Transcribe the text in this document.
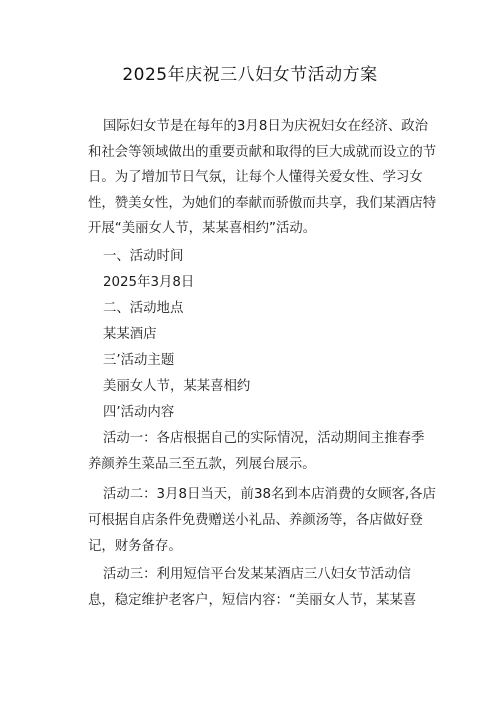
2025年庆祝三八妇女节活动方案
国际妇女节是在每年的3月8日为庆祝妇女在经济、政治
和社会等领域做出的重要贡献和取得的巨大成就而设立的节
日。为了增加节日气氛，让每个人懂得关爱女性、学习女
性，赞美女性，为她们的奉献而骄傲而共享，我们某酒店特
开展“美丽女人节，某某喜相约”活动。
一、活动时间
2025年3月8日
二、活动地点
某某酒店
三’活动主题
美丽女人节，某某喜相约
四’活动内容
活动一：各店根据自己的实际情况，活动期间主推春季
养颜养生菜品三至五款，列展台展示。
活动二：3月8日当天，前38名到本店消费的女顾客,各店
可根据自店条件免费赠送小礼品、养颜汤等，各店做好登
记，财务备存。
活动三：利用短信平台发某某酒店三八妇女节活动信
息，稳定维护老客户，短信内容：“美丽女人节，某某喜
